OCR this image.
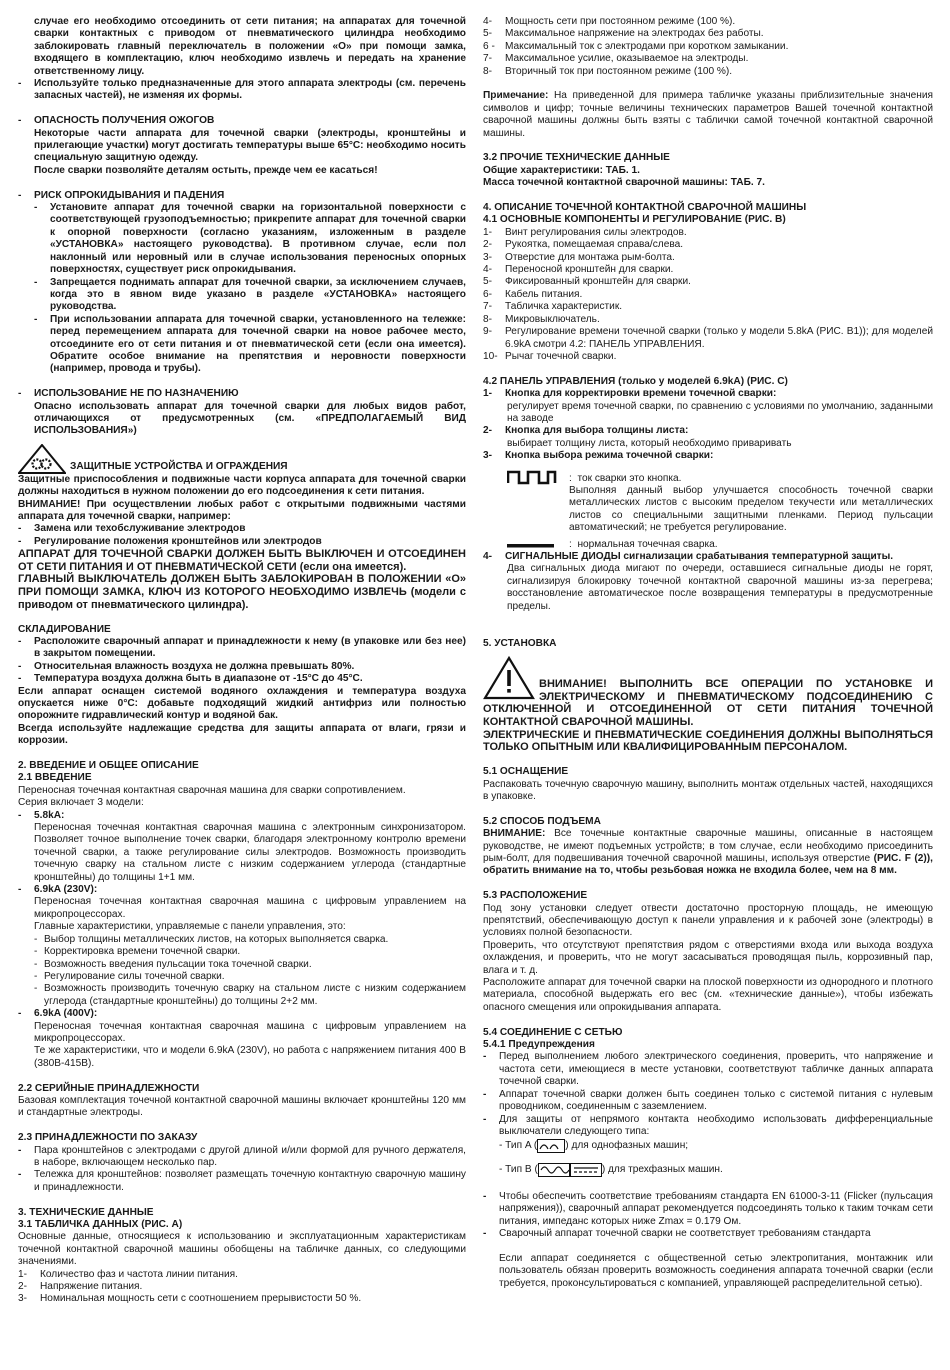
случае его необходимо отсоединить от сети питания; на аппаратах для точечной сварки контактных с приводом от пневматического цилиндра необходимо заблокировать главный переключатель в положении «О» при помощи замка, входящего в комплектацию, ключ необходимо извлечь и передать на хранение ответственному лицу.
-	Используйте только предназначенные для этого аппарата электроды (см. перечень запасных частей), не изменяя их формы.
-	ОПАСНОСТЬ ПОЛУЧЕНИЯ ОЖОГОВ
Некоторые части аппарата для точечной сварки (электроды, кронштейны и прилегающие участки) могут достигать температуры выше 65°С: необходимо носить специальную защитную одежду.
После сварки позволяйте деталям остыть, прежде чем ее касаться!
-	РИСК ОПРОКИДЫВАНИЯ И ПАДЕНИЯ
-	Установите аппарат для точечной сварки на горизонтальной поверхности с соответствующей грузоподъемностью; прикрепите аппарат для точечной сварки к опорной поверхности (согласно указаниям, изложенным в разделе «УСТАНОВКА» настоящего руководства). В противном случае, если пол наклонный или неровный или в случае использования переносных опорных поверхностях, существует риск опрокидывания.
-	Запрещается поднимать аппарат для точечной сварки, за исключением случаев, когда это в явном виде указано в разделе «УСТАНОВКА» настоящего руководства.
-	При использовании аппарата для точечной сварки, установленного на тележке: перед перемещением аппарата для точечной сварки на новое рабочее место, отсоедините его от сети питания и от пневматической сети (если она имеется). Обратите особое внимание на препятствия и неровности поверхности (например, провода и трубы).
-	ИСПОЛЬЗОВАНИЕ НЕ ПО НАЗНАЧЕНИЮ
Опасно использовать аппарат для точечной сварки для любых видов работ, отличающихся от предусмотренных (см. «ПРЕДПОЛАГАЕМЫЙ ВИД ИСПОЛЬЗОВАНИЯ»)
ЗАЩИТНЫЕ УСТРОЙСТВА И ОГРАЖДЕНИЯ
Защитные приспособления и подвижные части корпуса аппарата для точечной сварки должны находиться в нужном положении до его подсоединения к сети питания.
ВНИМАНИЕ! При осуществлении любых работ с открытыми подвижными частями аппарата для точечной сварки, например:
-	Замена или техобслуживание электродов
-	Регулирование положения кронштейнов или электродов
АППАРАТ ДЛЯ ТОЧЕЧНОЙ СВАРКИ ДОЛЖЕН БЫТЬ ВЫКЛЮЧЕН И ОТСОЕДИНЕН ОТ СЕТИ ПИТАНИЯ И ОТ ПНЕВМАТИЧЕСКОЙ СЕТИ (если она имеется).
ГЛАВНЫЙ ВЫКЛЮЧАТЕЛЬ ДОЛЖЕН БЫТЬ ЗАБЛОКИРОВАН В ПОЛОЖЕНИИ «О» ПРИ ПОМОЩИ ЗАМКА, КЛЮЧ ИЗ КОТОРОГО НЕОБХОДИМО ИЗВЛЕЧЬ (модели с приводом от пневматического цилиндра).
СКЛАДИРОВАНИЕ
-	Расположите сварочный аппарат и принадлежности к нему (в упаковке или без нее) в закрытом помещении.
-	Относительная влажность воздуха не должна превышать 80%.
-	Температура воздуха должна быть в диапазоне от -15°С до 45°С.
Если аппарат оснащен системой водяного охлаждения и температура воздуха опускается ниже 0°С: добавьте подходящий жидкий антифриз или полностью опорожните гидравлический контур и водяной бак.
Всегда используйте надлежащие средства для защиты аппарата от влаги, грязи и коррозии.
2. ВВЕДЕНИЕ И ОБЩЕЕ ОПИСАНИЕ
2.1 ВВЕДЕНИЕ
Переносная точечная контактная сварочная машина для сварки сопротивлением.
Серия включает 3 модели:
-	5.8kA:
Переносная точечная контактная сварочная машина с электронным синхронизатором. Позволяет точное выполнение точек сварки, благодаря электронному контролю времени точечной сварки, а также регулирование силы электродов. Возможность производить точечную сварку на стальном листе с низким содержанием углерода (стандартные кронштейны) до толщины 1+1 мм.
-	6.9kA (230V):
Переносная точечная контактная сварочная машина с цифровым управлением на микропроцессорах.
Главные характеристики, управляемые с панели управления, это:
- Выбор толщины металлических листов, на которых выполняется сварка.
- Корректировка времени точечной сварки.
- Возможность введения пульсации тока точечной сварки.
- Регулирование силы точечной сварки.
- Возможность производить точечную сварку на стальном листе с низким содержанием углерода (стандартные кронштейны) до толщины 2+2 мм.
-	6.9kA (400V):
Переносная точечная контактная сварочная машина с цифровым управлением на микропроцессорах.
Те же характеристики, что и модели 6.9kA (230V), но работа с напряжением питания 400 В (380В-415В).
2.2 СЕРИЙНЫЕ ПРИНАДЛЕЖНОСТИ
Базовая комплектация точечной контактной сварочной машины включает кронштейны 120 мм и стандартные электроды.
2.3 ПРИНАДЛЕЖНОСТИ ПО ЗАКАЗУ
-	Пара кронштейнов с электродами с другой длиной и/или формой для ручного держателя, в наборе, включающем несколько пар.
-	Тележка для кронштейнов: позволяет размещать точечную контактную сварочную машину и принадлежности.
3. ТЕХНИЧЕСКИЕ ДАННЫЕ
3.1 ТАБЛИЧКА ДАННЫХ (РИС. A)
Основные данные, относящиеся к использованию и эксплуатационным характеристикам точечной контактной сварочной машины обобщены на табличке данных, со следующими значениями.
1-	Количество фаз и частота линии питания.
2-	Напряжение питания.
3-	Номинальная мощность сети с соотношением прерывистости 50 %.
4-	Мощность сети при постоянном режиме (100 %).
5-	Максимальное напряжение на электродах без работы.
6 -	Максимальный ток с электродами при коротком замыкании.
7-	Максимальное усилие, оказываемое на электроды.
8-	Вторичный ток при постоянном режиме (100 %).
Примечание: На приведенной для примера табличке указаны приблизительные значения символов и цифр; точные величины технических параметров Вашей точечной контактной сварочной машины должны быть взяты с таблички самой точечной контактной сварочной машины.
3.2 ПРОЧИЕ ТЕХНИЧЕСКИЕ ДАННЫЕ
Общие характеристики: ТАБ. 1.
Масса точечной контактной сварочной машины: ТАБ. 7.
4. ОПИСАНИЕ ТОЧЕЧНОЙ КОНТАКТНОЙ СВАРОЧНОЙ МАШИНЫ
4.1 ОСНОВНЫЕ КОМПОНЕНТЫ И РЕГУЛИРОВАНИЕ (РИС. B)
1-	Винт регулирования силы электродов.
2-	Рукоятка, помещаемая справа/слева.
3-	Отверстие для монтажа рым-болта.
4-	Переносной кронштейн для сварки.
5-	Фиксированный кронштейн для сварки.
6-	Кабель питания.
7-	Табличка характеристик.
8-	Микровыключатель.
9-	Регулирование времени точечной сварки (только у модели 5.8kA (РИС. B1)); для моделей 6.9kA смотри 4.2: ПАНЕЛЬ УПРАВЛЕНИЯ.
10- Рычаг точечной сварки.
4.2 ПАНЕЛЬ УПРАВЛЕНИЯ (только у моделей 6.9kA) (РИС. C)
1-	Кнопка для корректировки времени точечной сварки:
регулирует время точечной сварки, по сравнению с условиями по умолчанию, заданными на заводе
2-	Кнопка для выбора толщины листа:
выбирает толщину листа, который необходимо приваривать
3-	Кнопка выбора режима точечной сварки:
:  ток сварки это кнопка.
Выполняя данный выбор улучшается способность точечной сварки металлических листов с высоким пределом текучести или металлических листов со специальными защитными пленками. Период пульсации автоматический; не требуется регулирование.
:  нормальная точечная сварка.
4-	СИГНАЛЬНЫЕ ДИОДЫ сигнализации срабатывания температурной защиты.
Два сигнальных диода мигают по очереди, оставшиеся сигнальные диоды не горят, сигнализируя блокировку точечной контактной сварочной машины из-за перегрева; восстановление автоматическое после возвращения температуры в предусмотренные пределы.
5. УСТАНОВКА
ВНИМАНИЕ! ВЫПОЛНИТЬ ВСЕ ОПЕРАЦИИ ПО УСТАНОВКЕ И ЭЛЕКТРИЧЕСКОМУ И ПНЕВМАТИЧЕСКОМУ ПОДСОЕДИНЕНИЮ С ОТКЛЮЧЕННОЙ И ОТСОЕДИНЕННОЙ ОТ СЕТИ ПИТАНИЯ ТОЧЕЧНОЙ КОНТАКТНОЙ СВАРОЧНОЙ МАШИНЫ.
ЭЛЕКТРИЧЕСКИЕ И ПНЕВМАТИЧЕСКИЕ СОЕДИНЕНИЯ ДОЛЖНЫ ВЫПОЛНЯТЬСЯ ТОЛЬКО ОПЫТНЫМ ИЛИ КВАЛИФИЦИРОВАННЫМ ПЕРСОНАЛОМ.
5.1 ОСНАЩЕНИЕ
Распаковать точечную сварочную машину, выполнить монтаж отдельных частей, находящихся в упаковке.
5.2 СПОСОБ ПОДЪЕМА
ВНИМАНИЕ: Все точечные контактные сварочные машины, описанные в настоящем руководстве, не имеют подъемных устройств; в том случае, если необходимо присоединить рым-болт, для подвешивания точечной сварочной машины, используя отверстие (РИС. F (2)), обратить внимание на то, чтобы резьбовая ножка не входила более, чем на 8 мм.
5.3 РАСПОЛОЖЕНИЕ
Под зону установки следует отвести достаточно просторную площадь, не имеющую препятствий, обеспечивающую доступ к панели управления и к рабочей зоне (электроды) в условиях полной безопасности.
Проверить, что отсутствуют препятствия рядом с отверстиями входа или выхода воздуха охлаждения, и проверить, что не могут засасываться проводящая пыль, коррозивный пар, влага и т. д.
Расположите аппарат для точечной сварки на плоской поверхности из однородного и плотного материала, способной выдержать его вес (см. «технические данные»), чтобы избежать опасного смещения или опрокидывания аппарата.
5.4 СОЕДИНЕНИЕ С СЕТЬЮ
5.4.1 Предупреждения
-	Перед выполнением любого электрического соединения, проверить, что напряжение и частота сети, имеющиеся в месте установки, соответствуют табличке данных аппарата точечной сварки.
-	Аппарат точечной сварки должен быть соединен только с системой питания с нулевым проводником, соединенным с заземлением.
-	Для защиты от непрямого контакта необходимо использовать дифференциальные выключатели следующего типа:
- Тип A (	) для однофазных машин;
- Тип B (	) для трехфазных машин.
-	Чтобы обеспечить соответствие требованиям стандарта EN 61000-3-11 (Flicker (пульсация напряжения)), сварочный аппарат рекомендуется подсоединять только к таким точкам сети питания, импеданс которых ниже Zmax = 0.179 Ом.
-	Сварочный аппарат точечной сварки не соответствует требованиям стандарта
Если аппарат соединяется с общественной сетью электропитания, монтажник или пользователь обязан проверить возможность соединения аппарата точечной сварки (если требуется, проконсультироваться с компанией, управляющей распределительной сетью).
